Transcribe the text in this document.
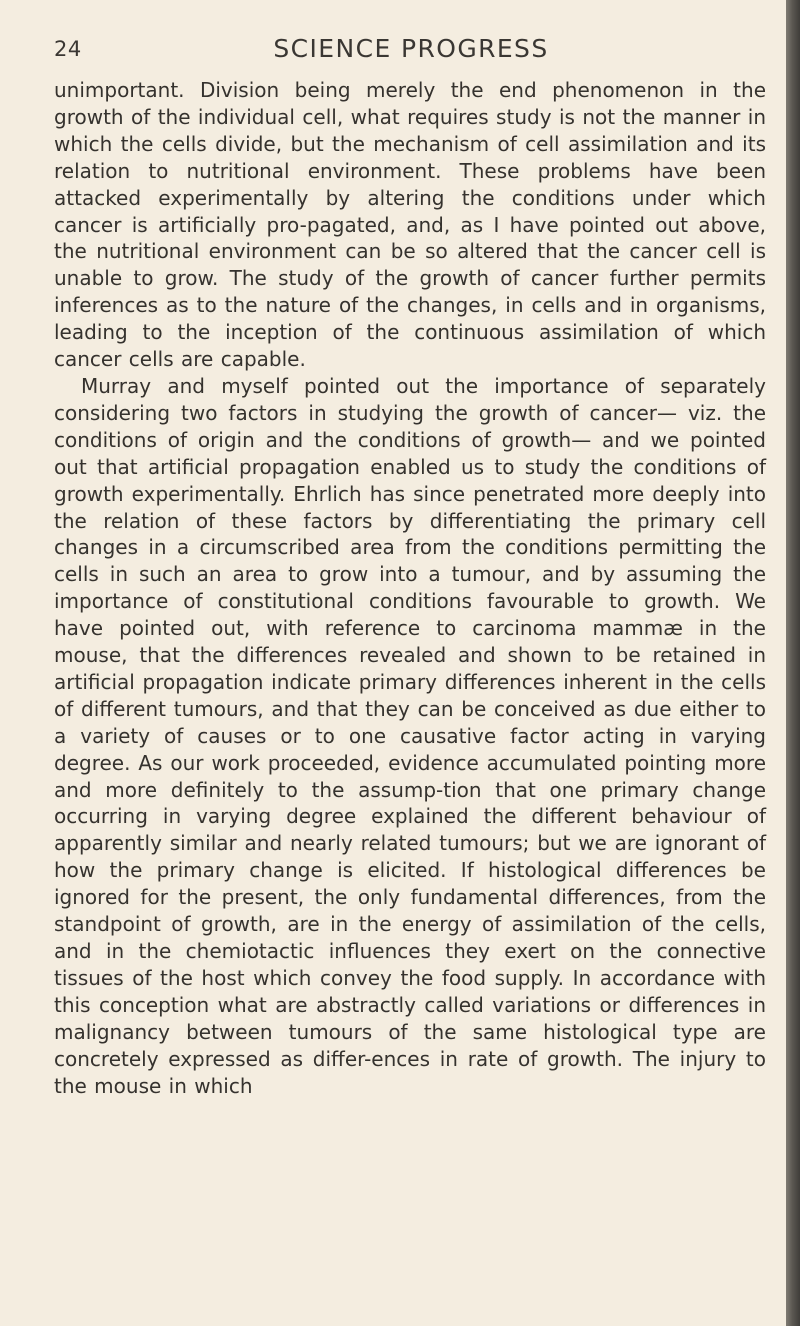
24	SCIENCE PROGRESS

unimportant. Division being merely the end phenomenon in the growth of the individual cell, what requires study is not the manner in which the cells divide, but the mechanism of cell assimilation and its relation to nutritional environment. These problems have been attacked experimentally by altering the conditions under which cancer is artificially pro-pagated, and, as I have pointed out above, the nutritional environment can be so altered that the cancer cell is unable to grow. The study of the growth of cancer further permits inferences as to the nature of the changes, in cells and in organisms, leading to the inception of the continuous assimilation of which cancer cells are capable.

Murray and myself pointed out the importance of separately considering two factors in studying the growth of cancer— viz. the conditions of origin and the conditions of growth— and we pointed out that artificial propagation enabled us to study the conditions of growth experimentally. Ehrlich has since penetrated more deeply into the relation of these factors by differentiating the primary cell changes in a circumscribed area from the conditions permitting the cells in such an area to grow into a tumour, and by assuming the importance of constitutional conditions favourable to growth. We have pointed out, with reference to carcinoma mammæ in the mouse, that the differences revealed and shown to be retained in artificial propagation indicate primary differences inherent in the cells of different tumours, and that they can be conceived as due either to a variety of causes or to one causative factor acting in varying degree. As our work proceeded, evidence accumulated pointing more and more definitely to the assump-tion that one primary change occurring in varying degree explained the different behaviour of apparently similar and nearly related tumours; but we are ignorant of how the primary change is elicited. If histological differences be ignored for the present, the only fundamental differences, from the standpoint of growth, are in the energy of assimilation of the cells, and in the chemiotactic influences they exert on the connective tissues of the host which convey the food supply. In accordance with this conception what are abstractly called variations or differences in malignancy between tumours of the same histological type are concretely expressed as differ-ences in rate of growth. The injury to the mouse in which
